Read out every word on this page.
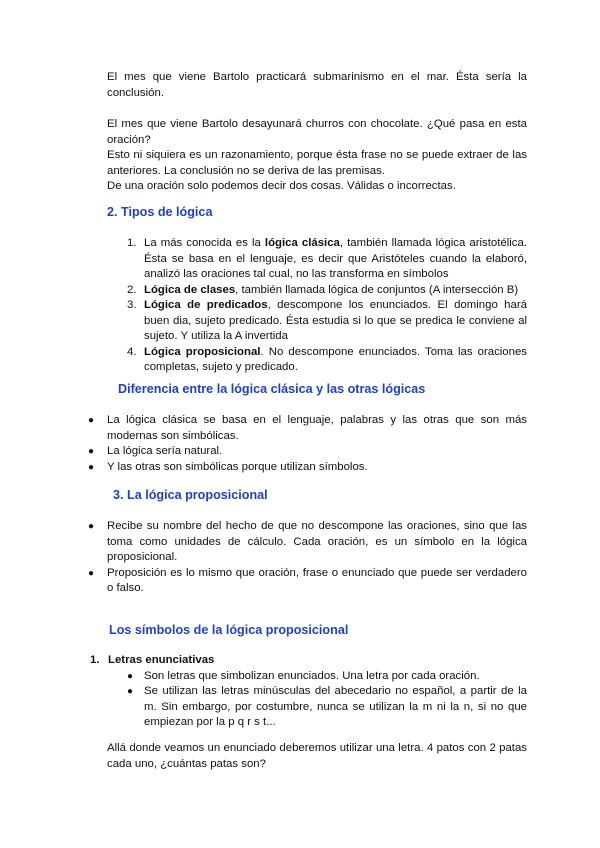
El mes que viene Bartolo practicará submarinismo en el mar. Ésta sería la conclusión.

El mes que viene Bartolo desayunará churros con chocolate. ¿Qué pasa en esta oración?

Esto ni siquiera es un razonamiento, porque ésta frase no se puede extraer de las anteriores. La conclusión no se deriva de las premisas.

De una oración solo podemos decir dos cosas. Válidas o incorrectas.

2. Tipos de lógica
1. La más conocida es la lógica clásica, también llamada lógica aristotélica. Ésta se basa en el lenguaje, es decir que Aristóteles cuando la elaboró, analizó las oraciones tal cual, no las transforma en símbolos
2. Lógica de clases, también llamada lógica de conjuntos (A intersección B)
3. Lógica de predicados, descompone los enunciados. El domingo hará buen dia, sujeto predicado. Ésta estudia si lo que se predica le conviene al sujeto. Y utiliza la A invertida
4. Lógica proposicional. No descompone enunciados. Toma las oraciones completas, sujeto y predicado.
Diferencia entre la lógica clásica y las otras lógicas
● La lógica clásica se basa en el lenguaje, palabras y las otras que son más modernas son simbólicas.
● La lógica sería natural.
● Y las otras son simbólicas porque utilizan símbolos.
3. La lógica proposicional
● Recibe su nombre del hecho de que no descompone las oraciones, sino que las toma como unidades de cálculo. Cada oración, es un símbolo en la lógica proposicional.
● Proposición es lo mismo que oración, frase o enunciado que puede ser verdadero o falso.
Los símbolos de la lógica proposicional
1. Letras enunciativas
● Son letras que simbolizan enunciados. Una letra por cada oración.
● Se utilizan las letras minúsculas del abecedario no español, a partir de la m. Sin embargo, por costumbre, nunca se utilizan la m ni la n, si no que empiezan por la p q r s t...

Allá donde veamos un enunciado deberemos utilizar una letra. 4 patos con 2 patas cada uno, ¿cuántas patas son?
